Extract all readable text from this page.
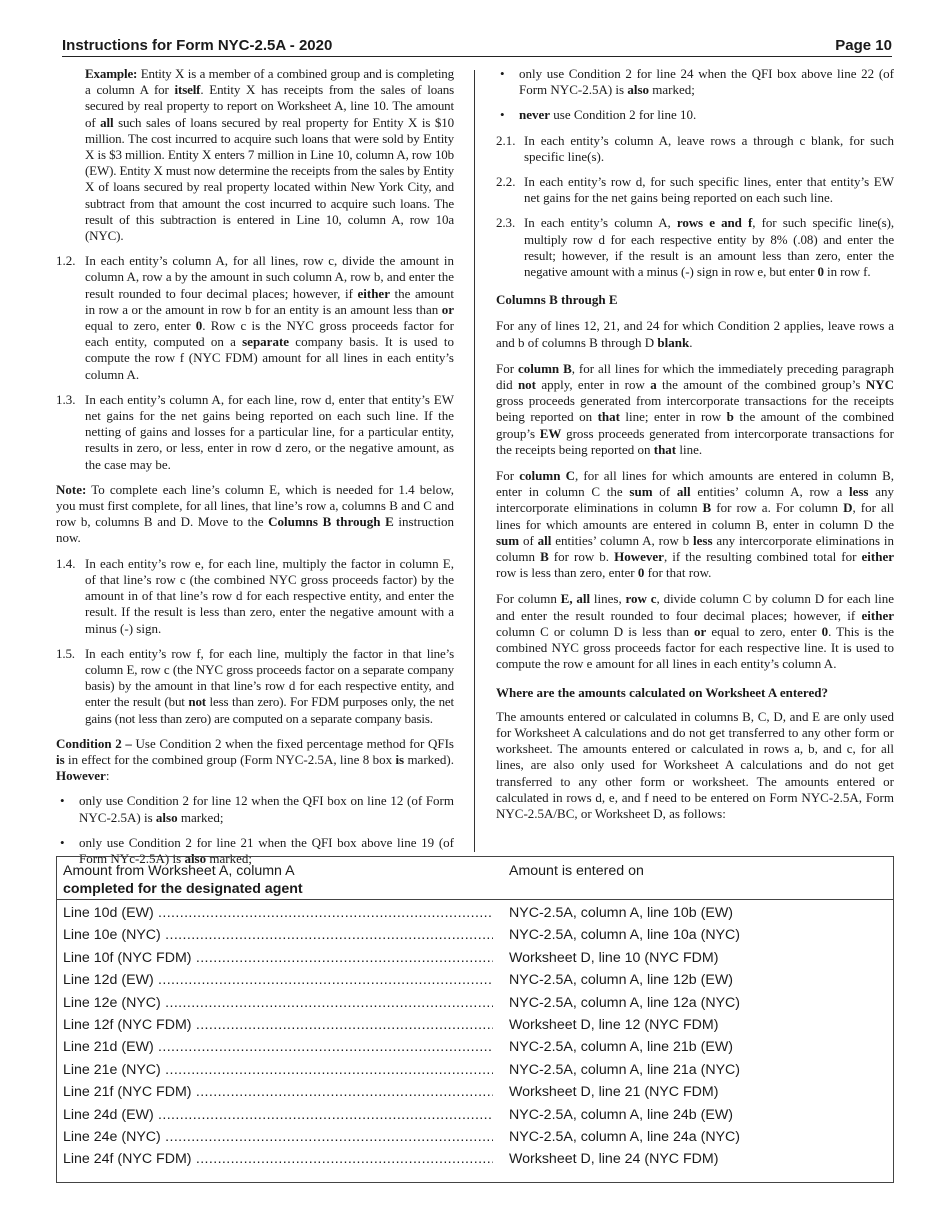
Instructions for Form NYC-2.5A - 2020	Page 10

Example: Entity X is a member of a combined group and is completing a column A for itself. Entity X has receipts from the sales of loans secured by real property to report on Worksheet A, line 10. The amount of all such sales of loans secured by real property for Entity X is $10 million. The cost incurred to acquire such loans that were sold by Entity X is $3 million. Entity X enters 7 million in Line 10, column A, row 10b (EW). Entity X must now determine the receipts from the sales by Entity X of loans secured by real property located within New York City, and subtract from that amount the cost incurred to acquire such loans. The result of this subtraction is entered in Line 10, column A, row 10a (NYC).

1.2. In each entity’s column A, for all lines, row c, divide the amount in column A, row a by the amount in such column A, row b, and enter the result rounded to four decimal places; however, if either the amount in row a or the amount in row b for an entity is an amount less than or equal to zero, enter 0. Row c is the NYC gross proceeds factor for each entity, computed on a separate company basis. It is used to compute the row f (NYC FDM) amount for all lines in each entity’s column A.
1.3. In each entity’s column A, for each line, row d, enter that entity’s EW net gains for the net gains being reported on each such line. If the netting of gains and losses for a particular line, for a particular entity, results in zero, or less, enter in row d zero, or the negative amount, as the case may be.

Note: To complete each line’s column E, which is needed for 1.4 below, you must first complete, for all lines, that line’s row a, columns B and C and row b, columns B and D. Move to the Columns B through E instruction now.

1.4. In each entity’s row e, for each line, multiply the factor in column E, of that line’s row c (the combined NYC gross proceeds factor) by the amount in of that line’s row d for each respective entity, and enter the result. If the result is less than zero, enter the negative amount with a minus (-) sign.
1.5. In each entity’s row f, for each line, multiply the factor in that line’s column E, row c (the NYC gross proceeds factor on a separate company basis) by the amount in that line’s row d for each respective entity, and enter the result (but not less than zero). For FDM purposes only, the net gains (not less than zero) are computed on a separate company basis.

Condition 2 – Use Condition 2 when the fixed percentage method for QFIs is in effect for the combined group (Form NYC-2.5A, line 8 box is marked). However:

• only use Condition 2 for line 12 when the QFI box on line 12 (of Form NYC-2.5A) is also marked;
• only use Condition 2 for line 21 when the QFI box above line 19 (of Form NYc-2.5A) is also marked;
• only use Condition 2 for line 24 when the QFI box above line 22 (of Form NYC-2.5A) is also marked;
• never use Condition 2 for line 10.
2.1. In each entity’s column A, leave rows a through c blank, for such specific line(s).
2.2. In each entity’s row d, for such specific lines, enter that entity’s EW net gains for the net gains being reported on each such line.
2.3. In each entity’s column A, rows e and f, for such specific line(s), multiply row d for each respective entity by 8% (.08) and enter the result; however, if the result is an amount less than zero, enter the negative amount with a minus (-) sign in row e, but enter 0 in row f.

Columns B through E

For any of lines 12, 21, and 24 for which Condition 2 applies, leave rows a and b of columns B through D blank.

For column B, for all lines for which the immediately preceding paragraph did not apply, enter in row a the amount of the combined group’s NYC gross proceeds generated from intercorporate transactions for the receipts being reported on that line; enter in row b the amount of the combined group’s EW gross proceeds generated from intercorporate transactions for the receipts being reported on that line.

For column C, for all lines for which amounts are entered in column B, enter in column C the sum of all entities’ column A, row a less any intercorporate eliminations in column B for row a. For column D, for all lines for which amounts are entered in column B, enter in column D the sum of all entities’ column A, row b less any intercorporate eliminations in column B for row b. However, if the resulting combined total for either row is less than zero, enter 0 for that row.

For column E, all lines, row c, divide column C by column D for each line and enter the result rounded to four decimal places; however, if either column C or column D is less than or equal to zero, enter 0. This is the combined NYC gross proceeds factor for each respective line. It is used to compute the row e amount for all lines in each entity’s column A.

Where are the amounts calculated on Worksheet A entered?

The amounts entered or calculated in columns B, C, D, and E are only used for Worksheet A calculations and do not get transferred to any other form or worksheet. The amounts entered or calculated in rows a, b, and c, for all lines, are also only used for Worksheet A calculations and do not get transferred to any other form or worksheet. The amounts entered or calculated in rows d, e, and f need to be entered on Form NYC-2.5A, Form NYC-2.5A/BC, or Worksheet D, as follows:

Amount from Worksheet A, column A
completed for the designated agent
Amount is entered on
Line 10d (EW) .....	NYC-2.5A, column A, line 10b (EW)
Line 10e (NYC) .....	NYC-2.5A, column A, line 10a (NYC)
Line 10f (NYC FDM) .....	Worksheet D, line 10 (NYC FDM)
Line 12d (EW) .....	NYC-2.5A, column A, line 12b (EW)
Line 12e (NYC) .....	NYC-2.5A, column A, line 12a (NYC)
Line 12f (NYC FDM) .....	Worksheet D, line 12 (NYC FDM)
Line 21d (EW) .....	NYC-2.5A, column A, line 21b (EW)
Line 21e (NYC) .....	NYC-2.5A, column A, line 21a (NYC)
Line 21f (NYC FDM) .....	Worksheet D, line 21 (NYC FDM)
Line 24d (EW) .....	NYC-2.5A, column A, line 24b (EW)
Line 24e (NYC) .....	NYC-2.5A, column A, line 24a (NYC)
Line 24f (NYC FDM) .....	Worksheet D, line 24 (NYC FDM)
